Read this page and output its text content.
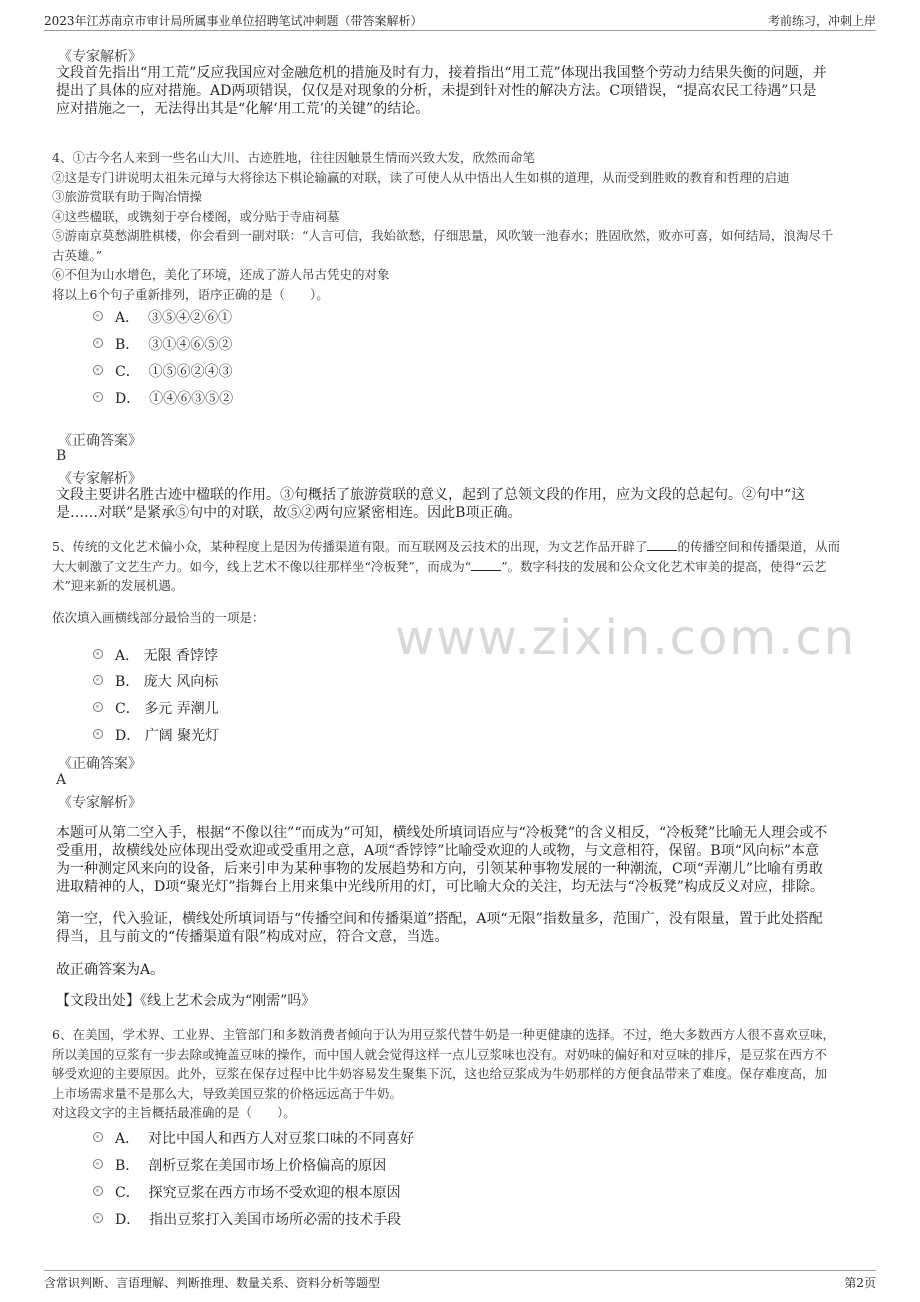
2023年江苏南京市审计局所属事业单位招聘笔试冲刺题（带答案解析）	考前练习，冲刺上岸
www.zixin.com.cn
《专家解析》
文段首先指出“用工荒”反应我国应对金融危机的措施及时有力，接着指出“用工荒”体现出我国整个劳动力结果失衡的问题，并
提出了具体的应对措施。AD两项错误，仅仅是对现象的分析，未提到针对性的解决方法。C项错误，“提高农民工待遇”只是
应对措施之一，无法得出其是“化解‘用工荒’的关键”的结论。
4、①古今名人来到一些名山大川、古迹胜地，往往因触景生情而兴致大发，欣然而命笔
②这是专门讲说明太祖朱元璋与大将徐达下棋论输赢的对联，读了可使人从中悟出人生如棋的道理，从而受到胜败的教育和哲理的启迪
③旅游赏联有助于陶冶情操
④这些楹联，或镌刻于亭台楼阁，或分贴于寺庙祠墓
⑤游南京莫愁湖胜棋楼，你会看到一副对联：“人言可信，我始欲愁，仔细思量，风吹皱一池春水；胜固欣然，败亦可喜，如何结局，浪淘尽千
古英雄。”
⑥不但为山水增色，美化了环境，还成了游人吊古凭史的对象
将以上6个句子重新排列，语序正确的是（　　）。
A． ③⑤④②⑥①
B． ③①④⑥⑤②
C． ①⑤⑥②④③
D． ①④⑥③⑤②
《正确答案》
B
《专家解析》
文段主要讲名胜古迹中楹联的作用。③句概括了旅游赏联的意义，起到了总领文段的作用，应为文段的总起句。②句中“这
是……对联”是紧承⑤句中的对联，故⑤②两句应紧密相连。因此B项正确。
5、传统的文化艺术偏小众，某种程度上是因为传播渠道有限。而互联网及云技术的出现，为文艺作品开辟了 的传播空间和传播渠道，从而
大大刺激了文艺生产力。如今，线上艺术不像以往那样坐“冷板凳”，而成为“ ”。数字科技的发展和公众文化艺术审美的提高，使得“云艺
术”迎来新的发展机遇。
依次填入画横线部分最恰当的一项是：
A． 无限 香饽饽
B． 庞大 风向标
C． 多元 弄潮儿
D． 广阔 聚光灯
《正确答案》
A
《专家解析》
本题可从第二空入手，根据“不像以往”“而成为”可知，横线处所填词语应与“冷板凳”的含义相反，“冷板凳”比喻无人理会或不
受重用，故横线处应体现出受欢迎或受重用之意，A项“香饽饽”比喻受欢迎的人或物，与文意相符，保留。B项“风向标”本意
为一种测定风来向的设备，后来引申为某种事物的发展趋势和方向，引领某种事物发展的一种潮流，C项“弄潮儿”比喻有勇敢
进取精神的人，D项“聚光灯”指舞台上用来集中光线所用的灯，可比喻大众的关注，均无法与“冷板凳”构成反义对应，排除。
第一空，代入验证，横线处所填词语与“传播空间和传播渠道”搭配，A项“无限”指数量多，范围广，没有限量，置于此处搭配
得当，且与前文的“传播渠道有限”构成对应，符合文意，当选。
故正确答案为A。
【文段出处】《线上艺术会成为“刚需”吗》
6、在美国，学术界、工业界、主管部门和多数消费者倾向于认为用豆浆代替牛奶是一种更健康的选择。不过，绝大多数西方人很不喜欢豆味，
所以美国的豆浆有一步去除或掩盖豆味的操作，而中国人就会觉得这样一点儿豆浆味也没有。对奶味的偏好和对豆味的排斥，是豆浆在西方不
够受欢迎的主要原因。此外，豆浆在保存过程中比牛奶容易发生聚集下沉，这也给豆浆成为牛奶那样的方便食品带来了难度。保存难度高，加
上市场需求量不是那么大，导致美国豆浆的价格远远高于牛奶。
对这段文字的主旨概括最准确的是（　　）。
A． 对比中国人和西方人对豆浆口味的不同喜好
B． 剖析豆浆在美国市场上价格偏高的原因
C． 探究豆浆在西方市场不受欢迎的根本原因
D． 指出豆浆打入美国市场所必需的技术手段
含常识判断、言语理解、判断推理、数量关系、资料分析等题型	第2页
